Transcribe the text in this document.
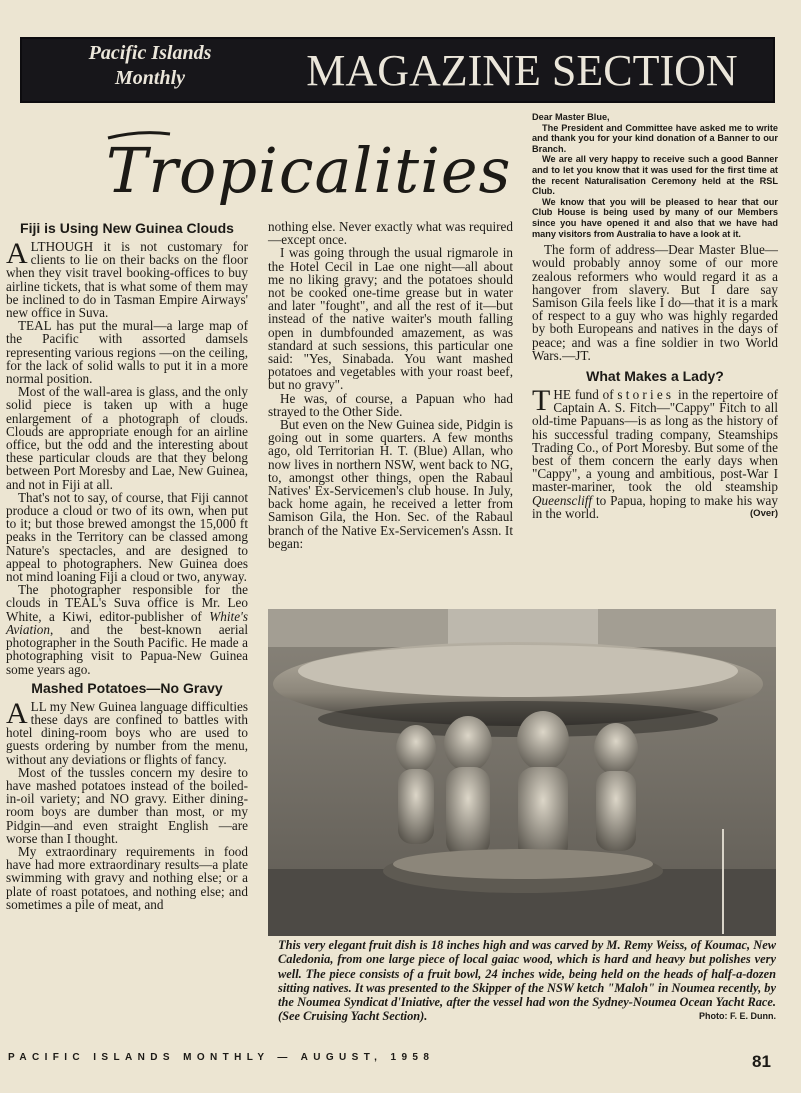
Pacific Islands
Monthly	MAGAZINE SECTION
Tropicalities
Fiji is Using New Guinea Clouds

ALTHOUGH it is not customary for clients to lie on their backs on the floor when they visit travel booking-offices to buy airline tickets, that is what some of them may be inclined to do in Tasman Empire Airways' new office in Suva.

TEAL has put the mural—a large map of the Pacific with assorted damsels representing various regions —on the ceiling, for the lack of solid walls to put it in a more normal position.

Most of the wall-area is glass, and the only solid piece is taken up with a huge enlargement of a photograph of clouds. Clouds are appropriate enough for an airline office, but the odd and the interesting about these particular clouds are that they belong between Port Moresby and Lae, New Guinea, and not in Fiji at all.

That's not to say, of course, that Fiji cannot produce a cloud or two of its own, when put to it; but those brewed amongst the 15,000 ft peaks in the Territory can be classed among Nature's spectacles, and are designed to appeal to photographers. New Guinea does not mind loaning Fiji a cloud or two, anyway.

The photographer responsible for the clouds in TEAL's Suva office is Mr. Leo White, a Kiwi, editor-publisher of White's Aviation, and the best-known aerial photographer in the South Pacific. He made a photographing visit to Papua-New Guinea some years ago.

Mashed Potatoes—No Gravy

ALL my New Guinea language difficulties these days are confined to battles with hotel dining-room boys who are used to guests ordering by number from the menu, without any deviations or flights of fancy.

Most of the tussles concern my desire to have mashed potatoes instead of the boiled-in-oil variety; and NO gravy. Either dining-room boys are dumber than most, or my Pidgin—and even straight English —are worse than I thought.

My extraordinary requirements in food have had more extraordinary results—a plate swimming with gravy and nothing else; or a plate of roast potatoes, and nothing else; and sometimes a pile of meat, and

nothing else. Never exactly what was required—except once.

I was going through the usual rigmarole in the Hotel Cecil in Lae one night—all about me no liking gravy; and the potatoes should not be cooked one-time grease but in water and later "fought", and all the rest of it—but instead of the native waiter's mouth falling open in dumbfounded amazement, as was standard at such sessions, this particular one said: "Yes, Sinabada. You want mashed potatoes and vegetables with your roast beef, but no gravy".

He was, of course, a Papuan who had strayed to the Other Side.

But even on the New Guinea side, Pidgin is going out in some quarters. A few months ago, old Territorian H. T. (Blue) Allan, who now lives in northern NSW, went back to NG, to, amongst other things, open the Rabaul Natives' Ex-Servicemen's club house. In July, back home again, he received a letter from Samison Gila, the Hon. Sec. of the Rabaul branch of the Native Ex-Servicemen's Assn. It began:

Dear Master Blue,

The President and Committee have asked me to write and thank you for your kind donation of a Banner to our Branch.

We are all very happy to receive such a good Banner and to let you know that it was used for the first time at the recent Naturalisation Ceremony held at the RSL Club.

We know that you will be pleased to hear that our Club House is being used by many of our Members since you have opened it and also that we have had many visitors from Australia to have a look at it.

The form of address—Dear Master Blue—would probably annoy some of our more zealous reformers who would regard it as a hangover from slavery. But I dare say Samison Gila feels like I do—that it is a mark of respect to a guy who was highly regarded by both Europeans and natives in the days of peace; and was a fine soldier in two World Wars.—JT.

What Makes a Lady?

THE fund of stories in the repertoire of Captain A. S. Fitch—"Cappy" Fitch to all old-time Papuans—is as long as the history of his successful trading company, Steamships Trading Co., of Port Moresby. But some of the best of them concern the early days when "Cappy", a young and ambitious, post-War I master-mariner, took the old steamship Queenscliff to Papua, hoping to make his way in the world.	(Over)

This very elegant fruit dish is 18 inches high and was carved by M. Remy Weiss, of Koumac, New Caledonia, from one large piece of local gaiac wood, which is hard and heavy but polishes very well. The piece consists of a fruit bowl, 24 inches wide, being held on the heads of half-a-dozen sitting natives. It was presented to the Skipper of the NSW ketch "Maloh" in Noumea recently, by the Noumea Syndicat d'Iniative, after the vessel had won the Sydney-Noumea Ocean Yacht Race. (See Cruising Yacht Section).	Photo: F. E. Dunn.
PACIFIC ISLANDS MONTHLY — AUGUST, 1958	81
